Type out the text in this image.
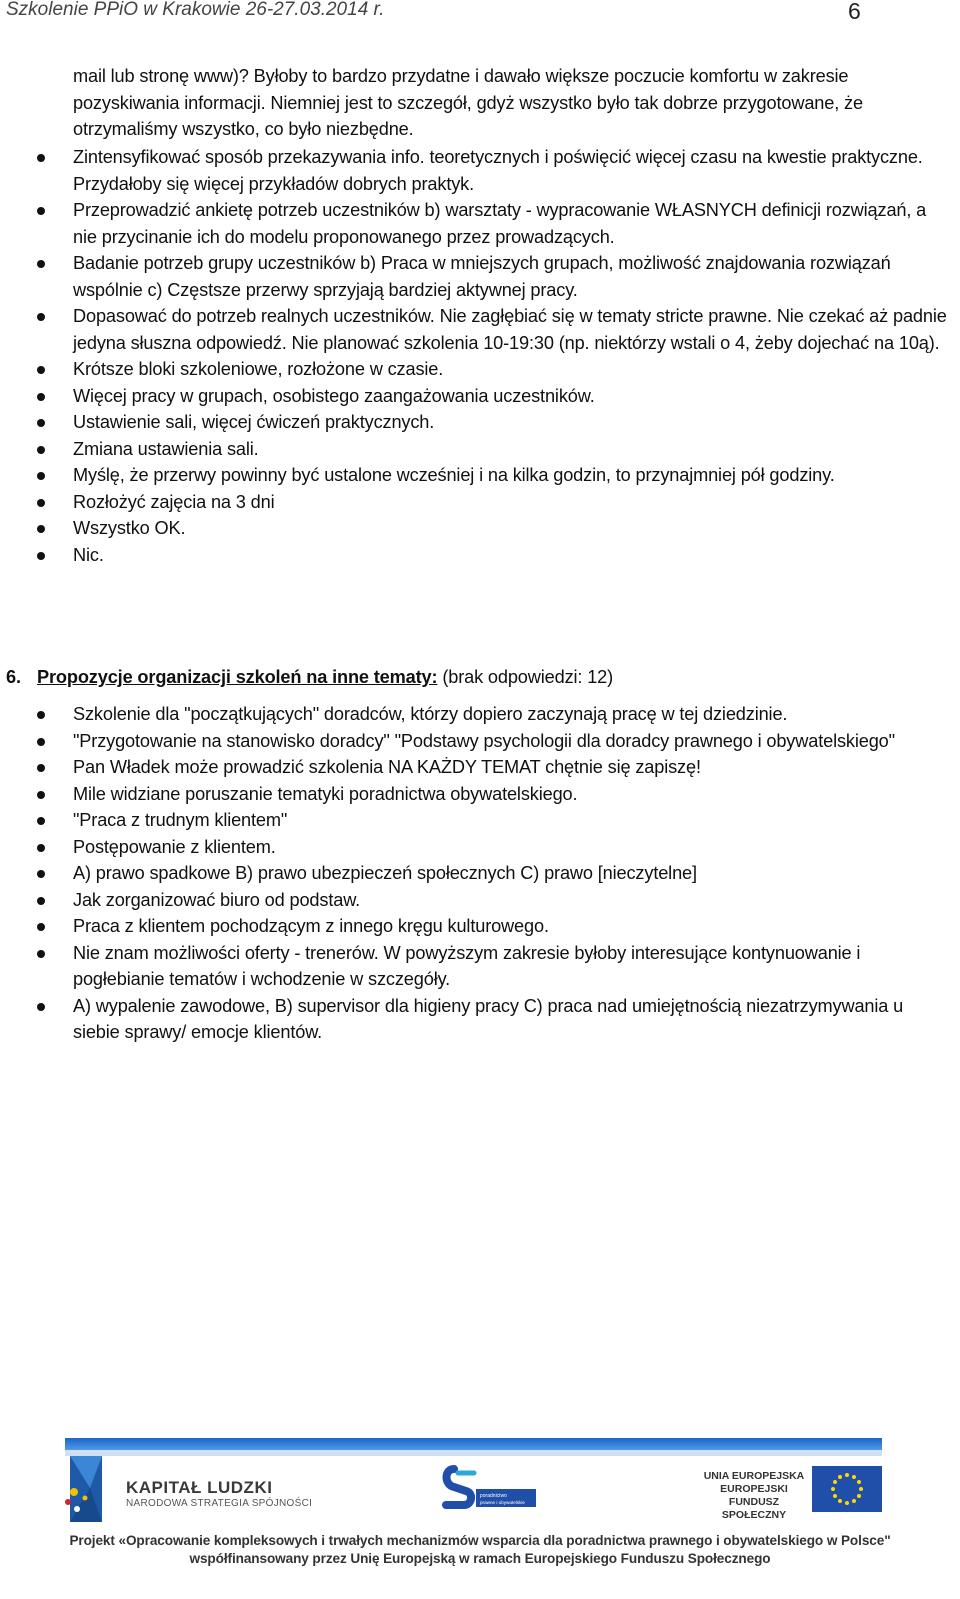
Szkolenie PPiO w Krakowie 26-27.03.2014 r.	6

mail lub stronę www)? Byłoby to bardzo przydatne i dawało większe poczucie komfortu w zakresie pozyskiwania informacji. Niemniej jest to szczegół, gdyż wszystko było tak dobrze przygotowane, że otrzymaliśmy wszystko, co było niezbędne.

Zintensyfikować sposób przekazywania info. teoretycznych i poświęcić więcej czasu na kwestie praktyczne. Przydałoby się więcej przykładów dobrych praktyk.
Przeprowadzić ankietę potrzeb uczestników b) warsztaty - wypracowanie WŁASNYCH definicji rozwiązań, a nie przycinanie ich do modelu proponowanego przez prowadzących.
Badanie potrzeb grupy uczestników b) Praca w mniejszych grupach, możliwość znajdowania rozwiązań wspólnie c) Częstsze przerwy sprzyjają bardziej aktywnej pracy.
Dopasować do potrzeb realnych uczestników. Nie zagłębiać się w tematy stricte prawne. Nie czekać aż padnie jedyna słuszna odpowiedź. Nie planować szkolenia 10-19:30 (np. niektórzy wstali o 4, żeby dojechać na 10ą).
Krótsze bloki szkoleniowe, rozłożone w czasie.
Więcej pracy w grupach, osobistego zaangażowania uczestników.
Ustawienie sali, więcej ćwiczeń praktycznych.
Zmiana ustawienia sali.
Myślę, że przerwy powinny być ustalone wcześniej i na kilka godzin, to przynajmniej pół godziny.
Rozłożyć zajęcia na 3 dni
Wszystko OK.
Nic.
6. Propozycje organizacji szkoleń na inne tematy: (brak odpowiedzi: 12)
Szkolenie dla "początkujących" doradców, którzy dopiero zaczynają pracę w tej dziedzinie.
"Przygotowanie na stanowisko doradcy" "Podstawy psychologii dla doradcy prawnego i obywatelskiego"
Pan Władek może prowadzić szkolenia NA KAŻDY TEMAT chętnie się zapiszę!
Mile widziane poruszanie tematyki poradnictwa obywatelskiego.
"Praca z trudnym klientem"
Postępowanie z klientem.
A) prawo spadkowe B) prawo ubezpieczeń społecznych C) prawo [nieczytelne]
Jak zorganizować biuro od podstaw.
Praca z klientem pochodzącym z innego kręgu kulturowego.
Nie znam możliwości oferty - trenerów. W powyższym zakresie byłoby interesujące kontynuowanie i pogłebianie tematów i wchodzenie w szczegóły.
A) wypalenie zawodowe, B) supervisor dla higieny pracy C) praca nad umiejętnością niezatrzymywania u siebie sprawy/ emocje klientów.
KAPITAŁ LUDZKI
NARODOWA STRATEGIA SPÓJNOŚCI
poradnictwo
prawne i obywatelskie
UNIA EUROPEJSKA
EUROPEJSKI
FUNDUSZ SPOŁECZNY
Projekt «Opracowanie kompleksowych i trwałych mechanizmów wsparcia dla poradnictwa prawnego i obywatelskiego w Polsce"
współfinansowany przez Unię Europejską w ramach Europejskiego Funduszu Społecznego
